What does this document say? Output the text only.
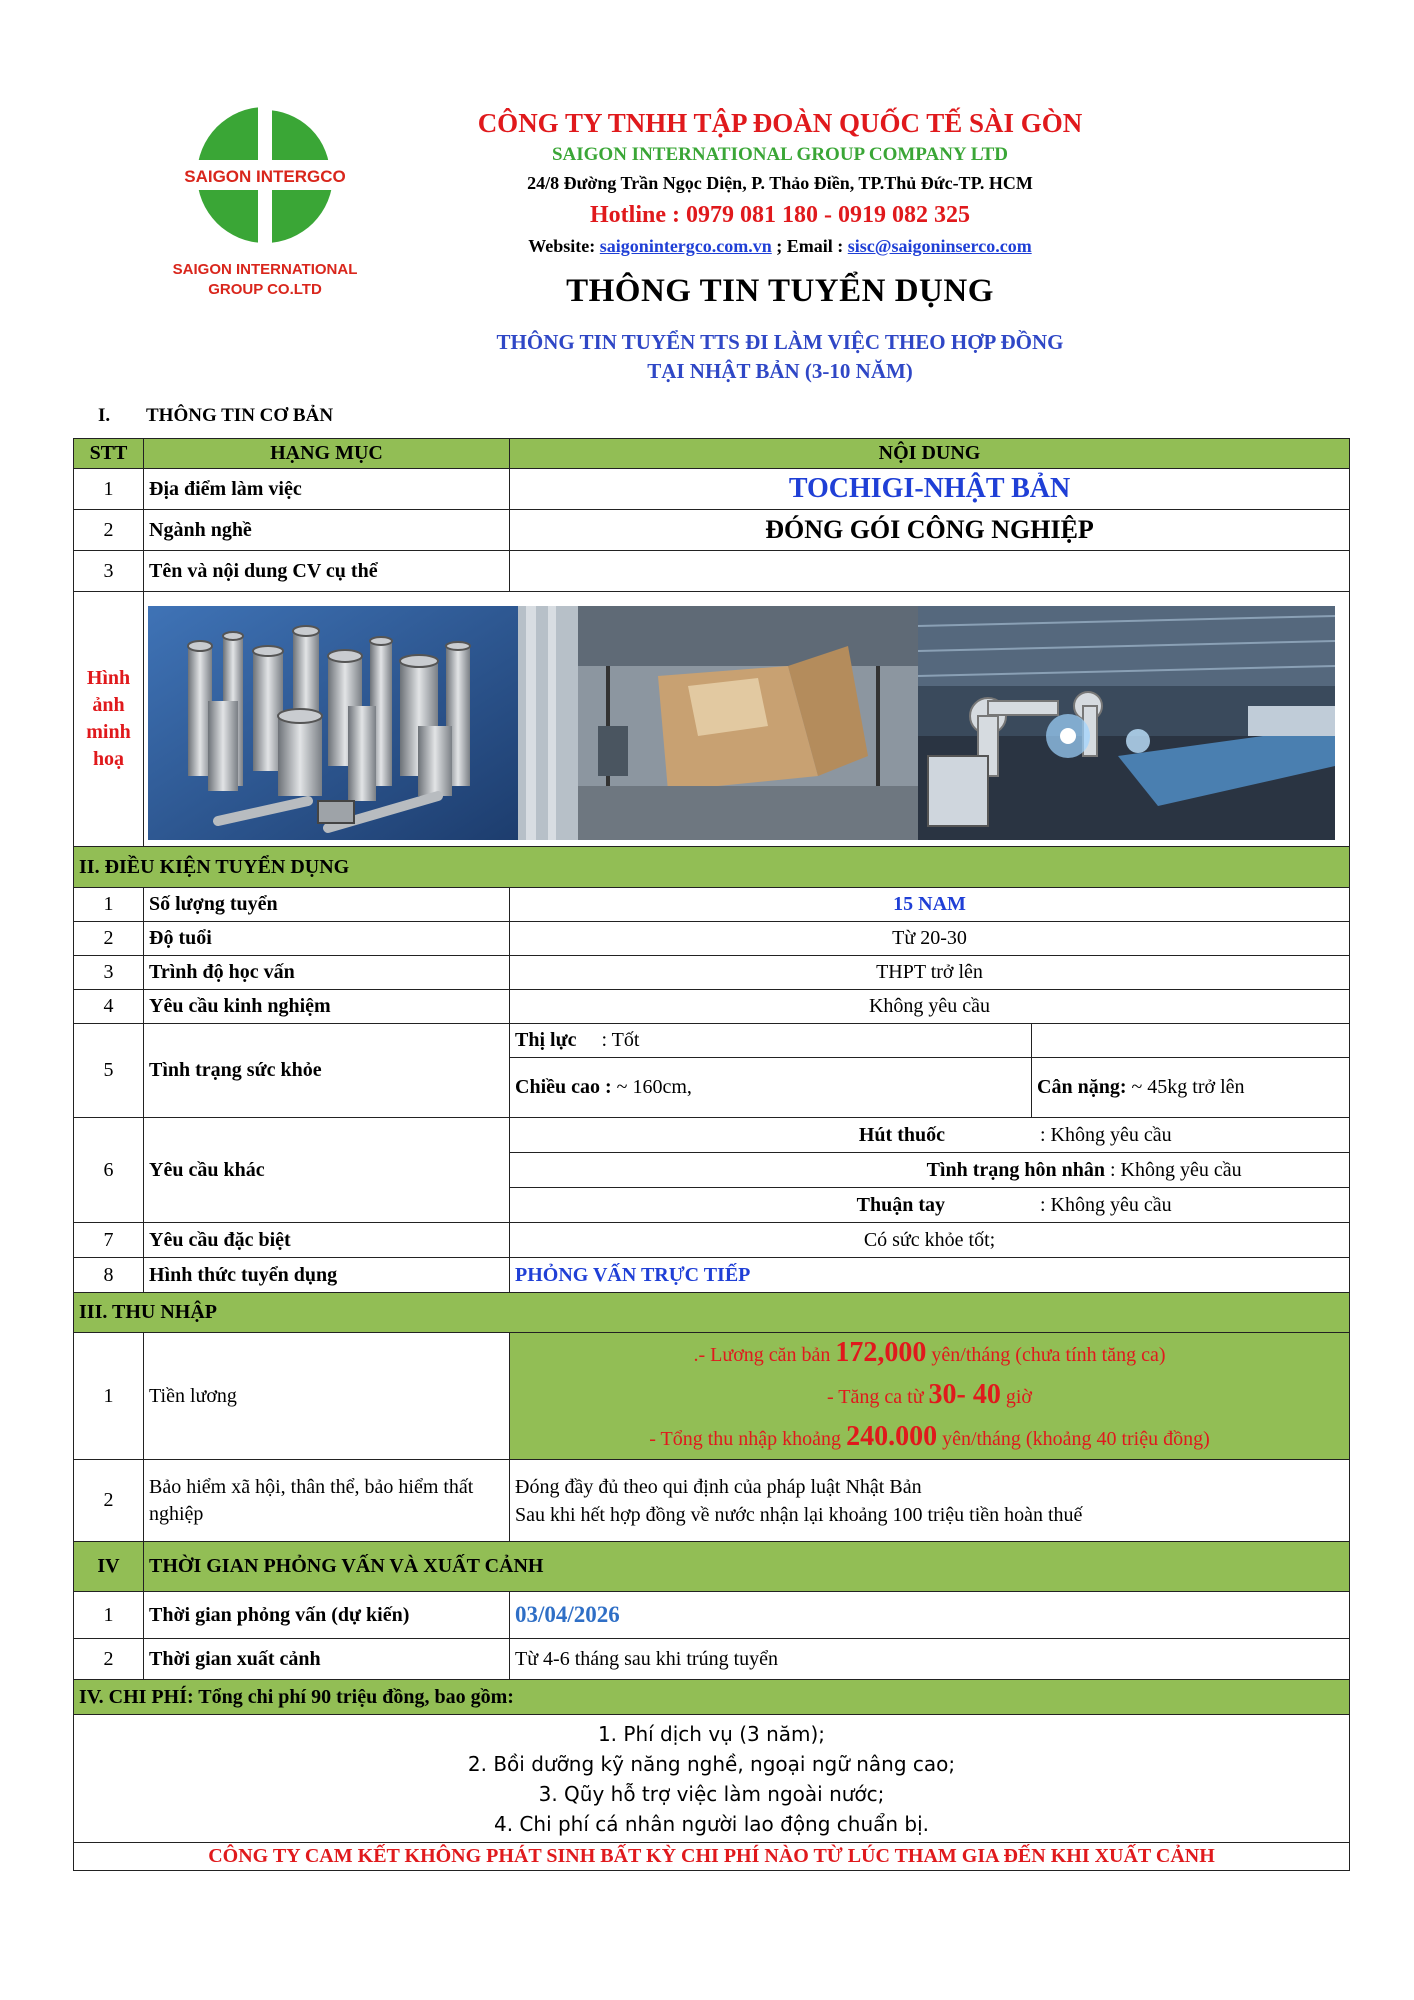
SAIGON INTERGCO
SAIGON INTERNATIONAL
GROUP CO.LTD
CÔNG TY TNHH TẬP ĐOÀN QUỐC TẾ SÀI GÒN
SAIGON INTERNATIONAL GROUP COMPANY LTD
24/8 Đường Trần Ngọc Diện, P. Thảo Điền, TP.Thủ Đức-TP. HCM
Hotline : 0979 081 180 - 0919 082 325
Website: saigonintergco.com.vn ; Email : sisc@saigoninserco.com
THÔNG TIN TUYỂN DỤNG
THÔNG TIN TUYỂN TTS ĐI LÀM VIỆC THEO HỢP ĐỒNG
TẠI NHẬT BẢN (3-10 NĂM)
I. THÔNG TIN CƠ BẢN
STT	HẠNG MỤC	NỘI DUNG	
1	Địa điểm làm việc	TOCHIGI-NHẬT BẢN	
2	Ngành nghề	ĐÓNG GÓI CÔNG NGHIỆP	
3	Tên và nội dung CV cụ thể		
Hình ảnh minh hoạ	

II. ĐIỀU KIỆN TUYỂN DỤNG			
1	Số lượng tuyển	15 NAM	
2	Độ tuổi	Từ 20-30	
3	Trình độ học vấn	THPT trở lên	
4	Yêu cầu kinh nghiệm	Không yêu cầu	
5	Tình trạng sức khỏe	Thị lực : Tốt	
		Chiều cao : ~ 160cm,	Cân nặng: ~ 45kg trở lên
6	Yêu cầu khác	Hút thuốc : Không yêu cầu	
		Tình trạng hôn nhân : Không yêu cầu	
		Thuận tay : Không yêu cầu	
7	Yêu cầu đặc biệt	Có sức khỏe tốt;	
8	Hình thức tuyển dụng	PHỎNG VẤN TRỰC TIẾP	
III. THU NHẬP			
1	Tiền lương	.- Lương căn bản 172,000 yên/tháng (chưa tính tăng ca)
- Tăng ca từ 30- 40 giờ
- Tổng thu nhập khoảng 240.000 yên/tháng (khoảng 40 triệu đồng)	

2	Bảo hiểm xã hội, thân thể, bảo hiểm thất nghiệp	Đóng đầy đủ theo qui định của pháp luật Nhật Bản
Sau khi hết hợp đồng về nước nhận lại khoảng 100 triệu tiền hoàn thuế	

IV	THỜI GIAN PHỎNG VẤN VÀ XUẤT CẢNH		
1	Thời gian phỏng vấn (dự kiến)	03/04/2026	
2	Thời gian xuất cảnh	Từ 4-6 tháng sau khi trúng tuyển	
IV. CHI PHÍ: Tổng chi phí 90 triệu đồng, bao gồm:			

1. Phí dịch vụ (3 năm);
2. Bồi dưỡng kỹ năng nghề, ngoại ngữ nâng cao;
3. Qũy hỗ trợ việc làm ngoài nước;
4. Chi phí cá nhân người lao động chuẩn bị.			

CÔNG TY CAM KẾT KHÔNG PHÁT SINH BẤT KỲ CHI PHÍ NÀO TỪ LÚC THAM GIA ĐẾN KHI XUẤT CẢNH			
